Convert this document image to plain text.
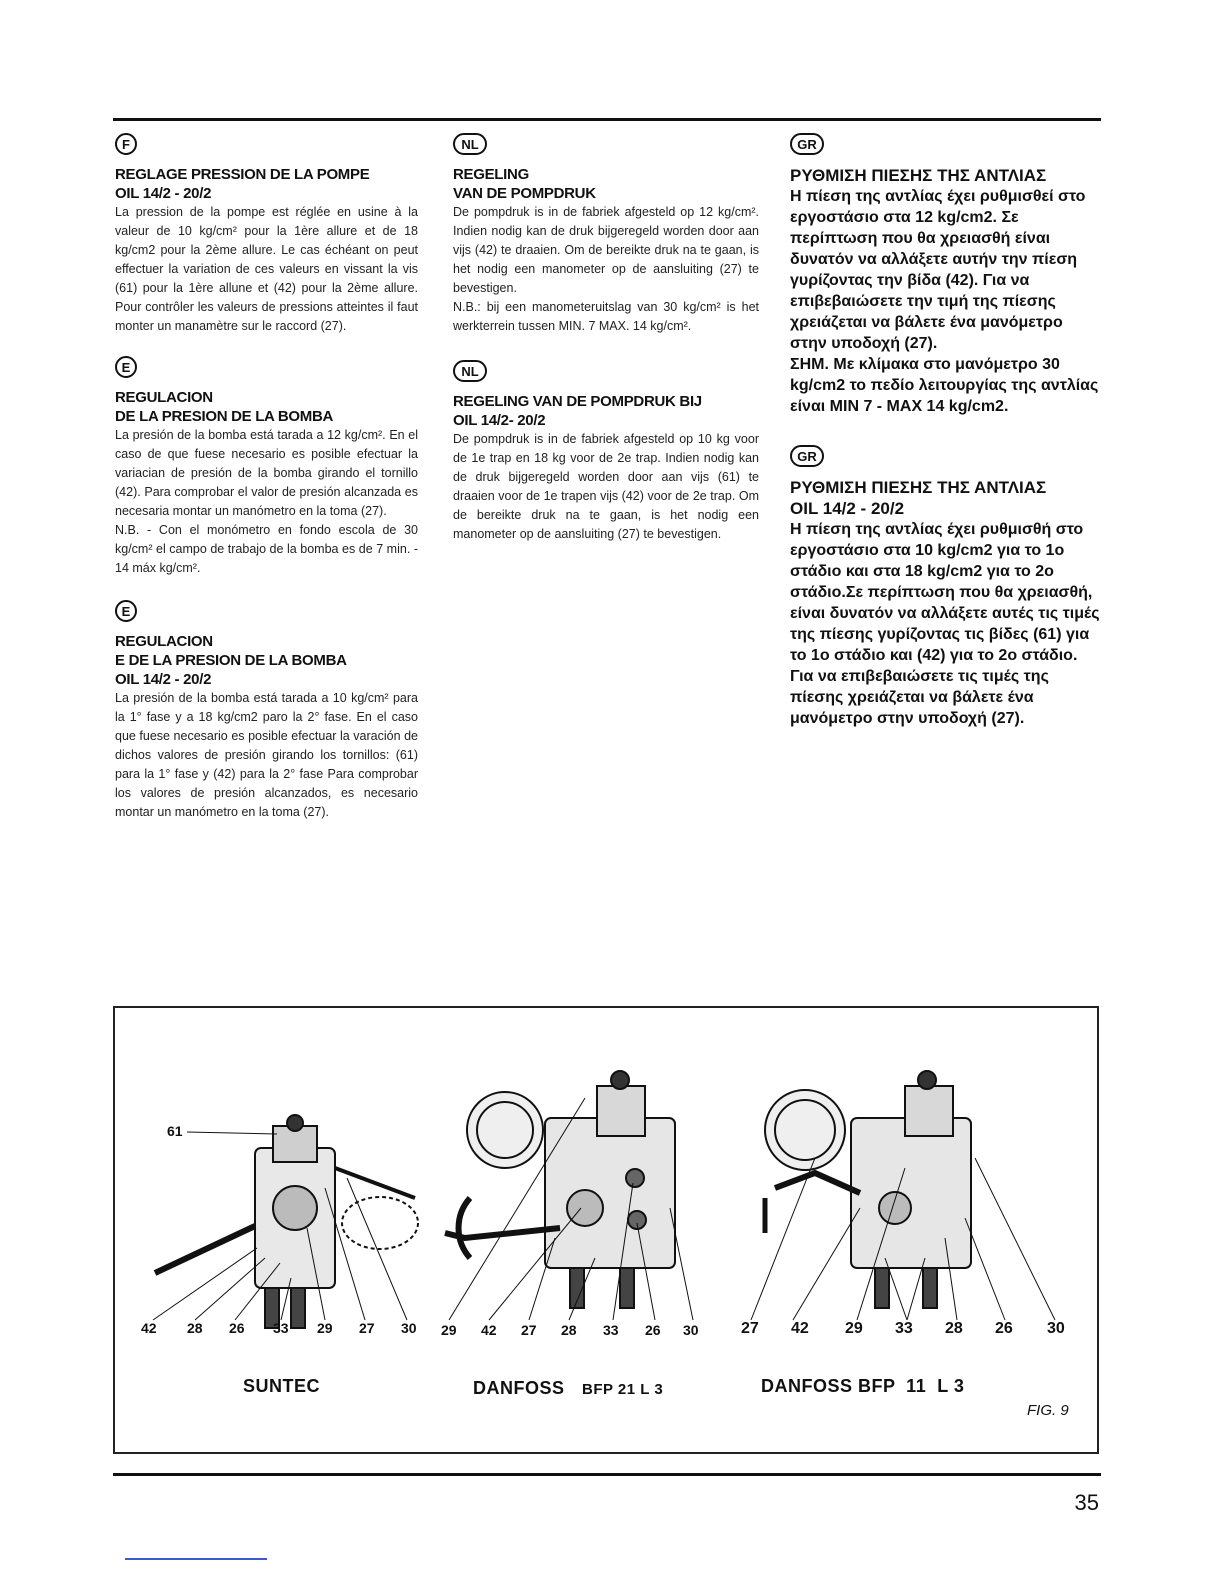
F
REGLAGE PRESSION DE LA POMPE
OIL 14/2 - 20/2
La pression de la pompe est réglée en usine à la valeur de 10 kg/cm² pour la 1ère allure et de 18 kg/cm2 pour la 2ème allure. Le cas échéant on peut effectuer la variation de ces valeurs en vissant la vis (61) pour la 1ère allune et (42) pour la 2ème allure. Pour contrôler les valeurs de pressions atteintes il faut monter un manamètre sur le raccord (27).
E
REGULACION
DE LA PRESION DE LA BOMBA
La presión de la bomba está tarada a 12 kg/cm². En el caso de que fuese necesario es posible efectuar la variacian de presión de la bomba girando el tornillo (42). Para comprobar el valor de presión alcanzada es necesaria montar un manómetro en la toma (27).
N.B. - Con el monómetro en fondo escola de 30 kg/cm² el campo de trabajo de la bomba es de 7 min. - 14 máx kg/cm².
E
REGULACION
E DE LA PRESION DE LA BOMBA
OIL 14/2 - 20/2
La presión de la bomba está tarada a 10 kg/cm² para la 1° fase y a 18 kg/cm2 paro la 2° fase. En el caso que fuese necesario es posible efectuar la varación de dichos valores de presión girando los tornillos: (61) para la 1° fase y (42) para la 2° fase Para comprobar los valores de presión alcanzados, es necesario montar un manómetro en la toma (27).
NL
REGELING
VAN DE POMPDRUK
De pompdruk is in de fabriek afgesteld op 12 kg/cm². Indien nodig kan de druk bijgeregeld worden door aan vijs (42) te draaien. Om de bereikte druk na te gaan, is het nodig een manometer op de aansluiting (27) te bevestigen.
N.B.: bij een manometeruitslag van 30 kg/cm² is het werkterrein tussen MIN. 7 MAX. 14 kg/cm².
NL
REGELING VAN DE POMPDRUK BIJ
OIL 14/2- 20/2
De pompdruk is in de fabriek afgesteld op 10 kg voor de 1e trap en 18 kg voor de 2e trap. Indien nodig kan de druk bijgeregeld worden door aan vijs (61) te draaien voor de 1e trapen vijs (42) voor de 2e trap. Om de bereikte druk na te gaan, is het nodig een manometer op de aansluiting (27) te bevestigen.
GR
ΡΥΘΜΙΣΗ ΠΙΕΣΗΣ ΤΗΣ ΑΝΤΛΙΑΣ
Η πίεση της αντλίας έχει ρυθμισθεί στο εργοστάσιο στα 12 kg/cm2. Σε περίπτωση που θα χρειασθή είναι δυνατόν να αλλάξετε αυτήν την πίεση γυρίζοντας την βίδα (42). Για να επιβεβαιώσετε την τιμή της πίεσης χρειάζεται να βάλετε ένα μανόμετρο στην υποδοχή (27).
ΣΗΜ. Με κλίμακα στο μανόμετρο 30 kg/cm2 το πεδίο λειτουργίας της αντλίας είναι MIN 7 - MAX 14 kg/cm2.
GR
ΡΥΘΜΙΣΗ ΠΙΕΣΗΣ ΤΗΣ ΑΝΤΛΙΑΣ
OIL 14/2 - 20/2
Η πίεση της αντλίας έχει ρυθμισθή στο εργοστάσιο στα 10 kg/cm2 για το 1ο στάδιο και στα 18 kg/cm2 για το 2ο στάδιο.Σε περίπτωση που θα χρειασθή, είναι δυνατόν να αλλάξετε αυτές τις τιμές της πίεσης γυρίζοντας τις βίδες (61) για το 1ο στάδιο και (42) για το 2ο στάδιο. Για να επιβεβαιώσετε τις τιμές της πίεσης χρειάζεται να βάλετε ένα μανόμετρο στην υποδοχή (27).
61
42 28 26 33 29 27 30 29 42 27 28 33 26 30	27 42 29 33 28 26 30
SUNTEC	DANFOSS BFP 21 L 3	DANFOSS BFP  11  L 3
FIG. 9
35
